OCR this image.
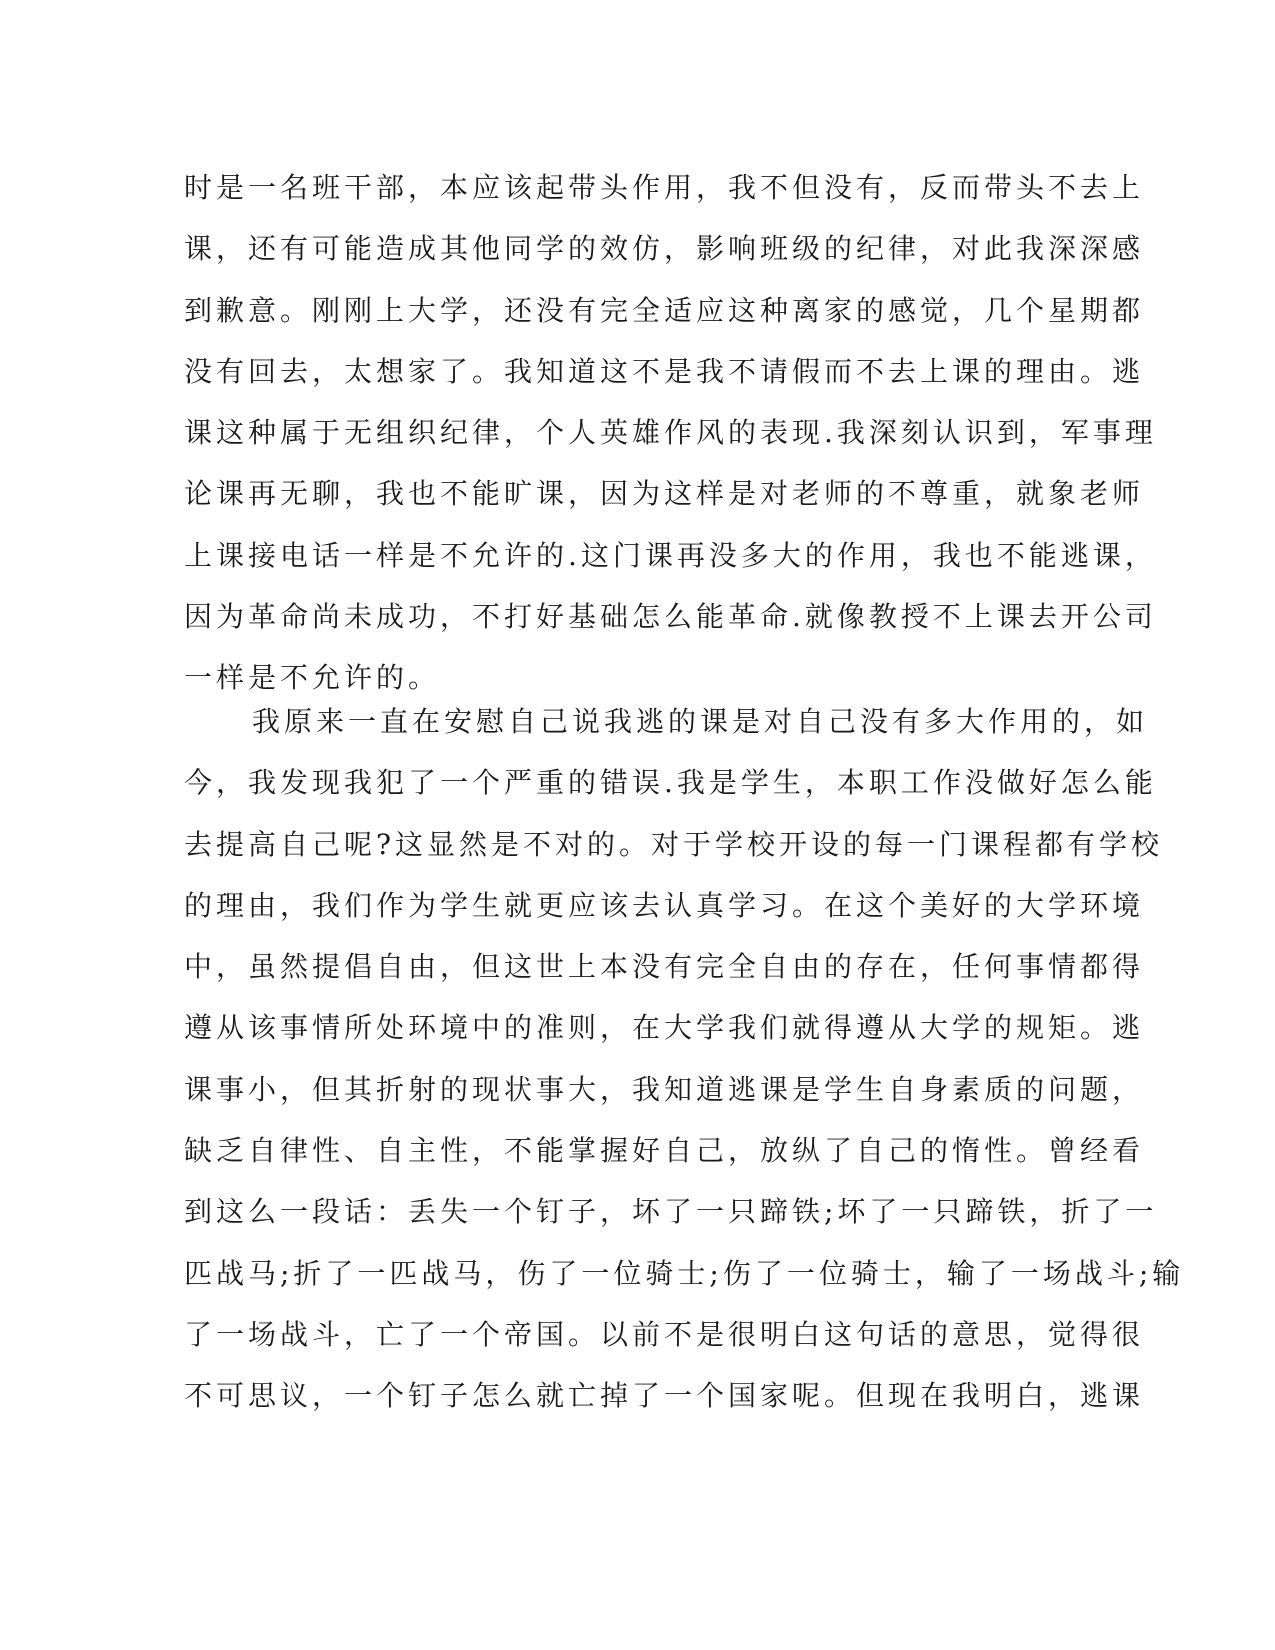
时是一名班干部，本应该起带头作用，我不但没有，反而带头不去上
课，还有可能造成其他同学的效仿，影响班级的纪律，对此我深深感
到歉意。刚刚上大学，还没有完全适应这种离家的感觉，几个星期都
没有回去，太想家了。我知道这不是我不请假而不去上课的理由。逃
课这种属于无组织纪律，个人英雄作风的表现.我深刻认识到，军事理
论课再无聊，我也不能旷课，因为这样是对老师的不尊重，就象老师
上课接电话一样是不允许的.这门课再没多大的作用，我也不能逃课，
因为革命尚未成功，不打好基础怎么能革命.就像教授不上课去开公司
一样是不允许的。
我原来一直在安慰自己说我逃的课是对自己没有多大作用的，如
今，我发现我犯了一个严重的错误.我是学生，本职工作没做好怎么能
去提高自己呢?这显然是不对的。对于学校开设的每一门课程都有学校
的理由，我们作为学生就更应该去认真学习。在这个美好的大学环境
中，虽然提倡自由，但这世上本没有完全自由的存在，任何事情都得
遵从该事情所处环境中的准则，在大学我们就得遵从大学的规矩。逃
课事小，但其折射的现状事大，我知道逃课是学生自身素质的问题，
缺乏自律性、自主性，不能掌握好自己，放纵了自己的惰性。曾经看
到这么一段话：丢失一个钉子，坏了一只蹄铁;坏了一只蹄铁，折了一
匹战马;折了一匹战马，伤了一位骑士;伤了一位骑士，输了一场战斗;输
了一场战斗，亡了一个帝国。以前不是很明白这句话的意思，觉得很
不可思议，一个钉子怎么就亡掉了一个国家呢。但现在我明白，逃课
